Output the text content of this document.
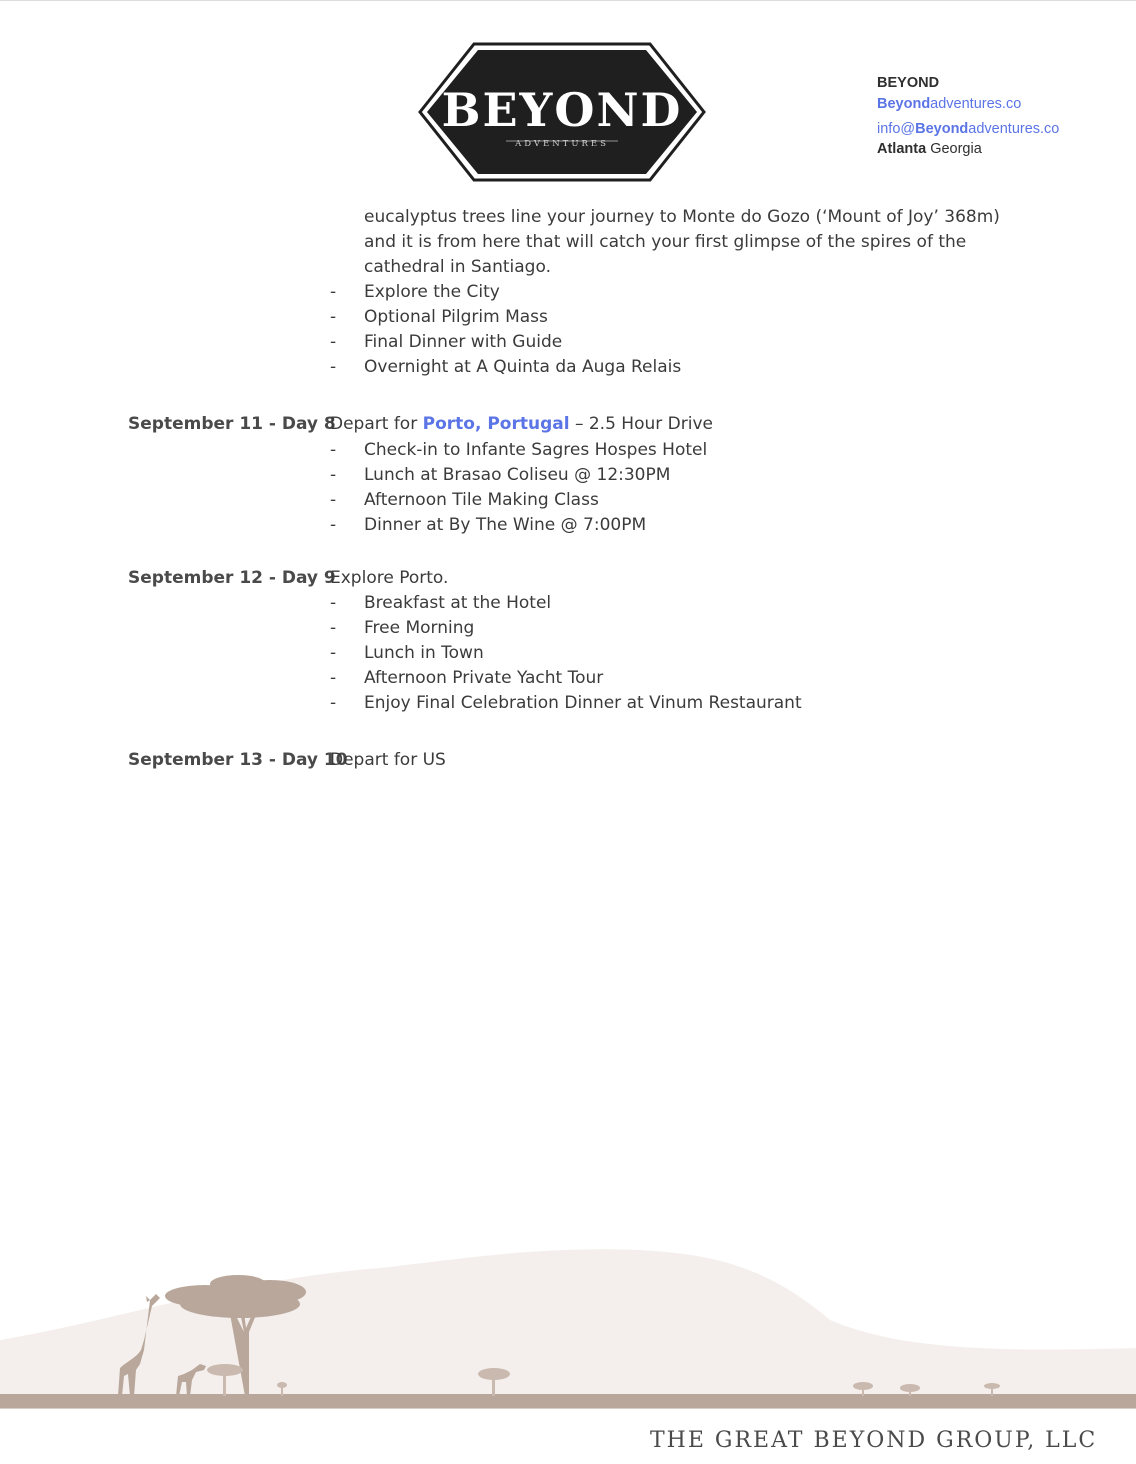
BEYOND
ADVENTURES
BEYOND
Beyondadventures.co
info@Beyondadventures.co
Atlanta Georgia
eucalyptus trees line your journey to Monte do Gozo (‘Mount of Joy’ 368m)
and it is from here that will catch your first glimpse of the spires of the
cathedral in Santiago.
- Explore the City
- Optional Pilgrim Mass
- Final Dinner with Guide
- Overnight at A Quinta da Auga Relais
September 11 - Day 8
Depart for Porto, Portugal – 2.5 Hour Drive
- Check-in to Infante Sagres Hospes Hotel
- Lunch at Brasao Coliseu @ 12:30PM
- Afternoon Tile Making Class
- Dinner at By The Wine @ 7:00PM
September 12 - Day 9
Explore Porto.
- Breakfast at the Hotel
- Free Morning
- Lunch in Town
- Afternoon Private Yacht Tour
- Enjoy Final Celebration Dinner at Vinum Restaurant
September 13 - Day 10
Depart for US
THE GREAT BEYOND GROUP, LLC
